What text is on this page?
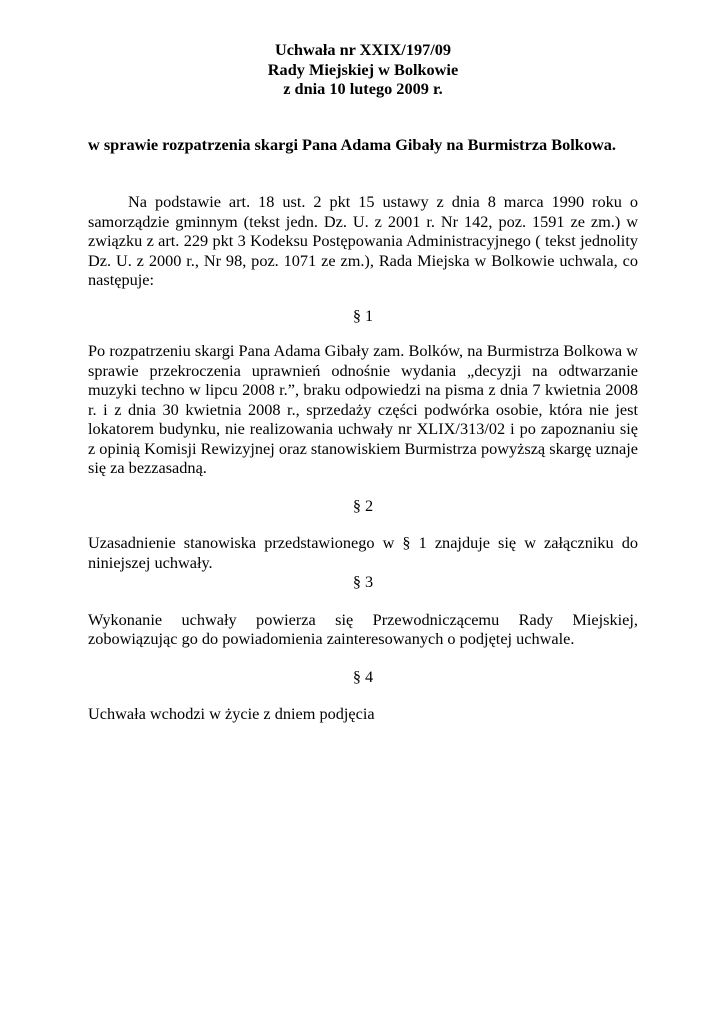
Uchwała nr XXIX/197/09
Rady Miejskiej w Bolkowie
z dnia 10 lutego 2009 r.
w sprawie rozpatrzenia skargi Pana Adama Gibały na Burmistrza Bolkowa.
Na podstawie art. 18 ust. 2 pkt 15 ustawy z dnia 8 marca 1990 roku o samorządzie gminnym (tekst jedn. Dz. U. z 2001 r. Nr 142, poz. 1591 ze zm.) w związku z art. 229 pkt 3 Kodeksu Postępowania Administracyjnego ( tekst jednolity Dz. U. z 2000 r., Nr 98, poz. 1071 ze zm.), Rada Miejska w Bolkowie uchwala, co następuje:
§ 1
Po rozpatrzeniu skargi Pana Adama Gibały zam. Bolków, na Burmistrza Bolkowa w sprawie przekroczenia uprawnień odnośnie wydania „decyzji na odtwarzanie muzyki techno w lipcu 2008 r.”, braku odpowiedzi na pisma z dnia 7 kwietnia 2008 r. i z dnia 30 kwietnia 2008 r., sprzedaży części podwórka osobie, która nie jest lokatorem budynku, nie realizowania uchwały nr XLIX/313/02 i po zapoznaniu się z opinią Komisji Rewizyjnej oraz stanowiskiem Burmistrza powyższą skargę uznaje się za bezzasadną.
§ 2
Uzasadnienie stanowiska przedstawionego w § 1 znajduje się w załączniku do niniejszej uchwały.
§ 3
Wykonanie uchwały powierza się Przewodniczącemu Rady Miejskiej, zobowiązując go do powiadomienia zainteresowanych o podjętej uchwale.
§ 4
Uchwała wchodzi w życie z dniem podjęcia
